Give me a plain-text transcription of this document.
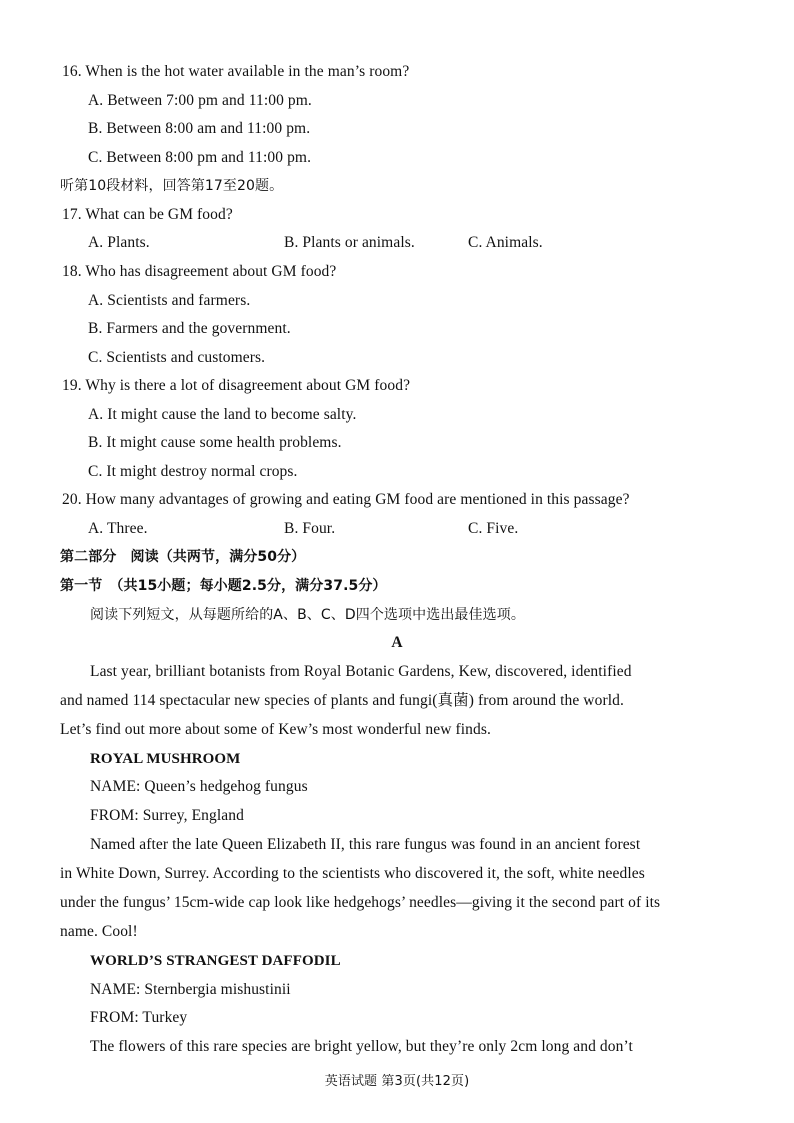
16. When is the hot water available in the man’s room?
A. Between 7:00 pm and 11:00 pm.
B. Between 8:00 am and 11:00 pm.
C. Between 8:00 pm and 11:00 pm.
听第10段材料，回答第17至20题。
17. What can be GM food?
A. Plants.	B. Plants or animals.	C. Animals.
18. Who has disagreement about GM food?
A. Scientists and farmers.
B. Farmers and the government.
C. Scientists and customers.
19. Why is there a lot of disagreement about GM food?
A. It might cause the land to become salty.
B. It might cause some health problems.
C. It might destroy normal crops.
20. How many advantages of growing and eating GM food are mentioned in this passage?
A. Three.	B. Four.	C. Five.
第二部分　阅读（共两节，满分50分）
第一节　（共15小题；每小题2.5分，满分37.5分）
阅读下列短文，从每题所给的A、B、C、D四个选项中选出最佳选项。
A
Last year, brilliant botanists from Royal Botanic Gardens, Kew, discovered, identified
and named 114 spectacular new species of plants and fungi(真菌) from around the world.
Let’s find out more about some of Kew’s most wonderful new finds.
ROYAL MUSHROOM
NAME: Queen’s hedgehog fungus
FROM: Surrey, England
Named after the late Queen Elizabeth II, this rare fungus was found in an ancient forest
in White Down, Surrey. According to the scientists who discovered it, the soft, white needles
under the fungus’ 15cm-wide cap look like hedgehogs’ needles—giving it the second part of its
name. Cool!
WORLD’S STRANGEST DAFFODIL
NAME: Sternbergia mishustinii
FROM: Turkey
The flowers of this rare species are bright yellow, but they’re only 2cm long and don’t
英语试题 第3页(共12页)
